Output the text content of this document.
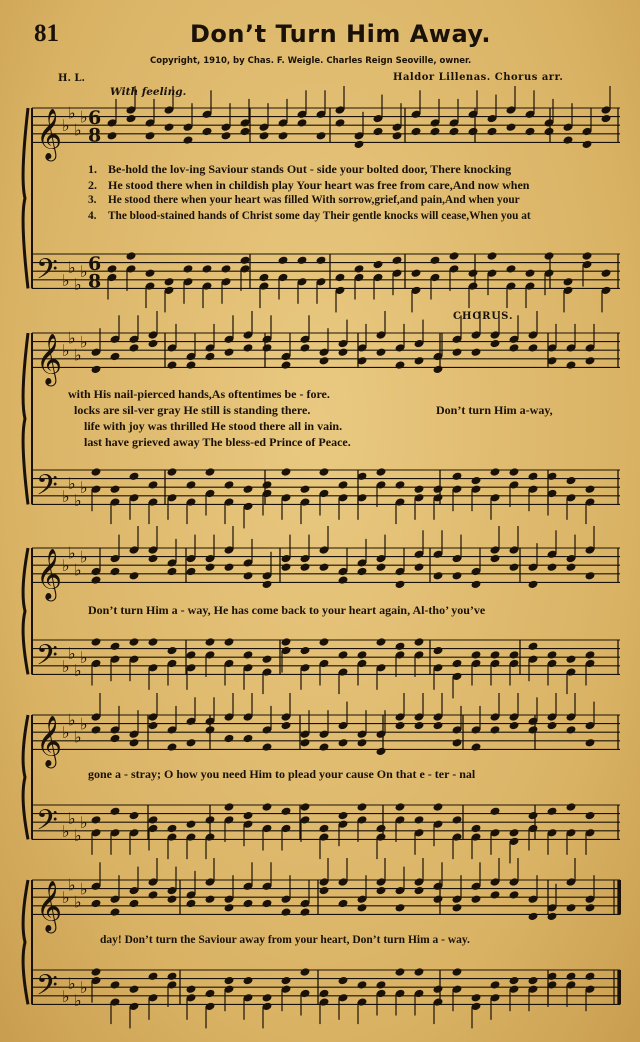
81	Don’t Turn Him Away.
Copyright, 1910, by Chas. F. Weigle. Charles Reign Seoville, owner.
H. L.	Haldor Lillenas. Chorus arr.
With feeling.
CHORUS.
𝄞
𝄢
♭
♭
♭
♭
♭
♭
♭
♭
6
6
8
8
𝄞
𝄢
♭
♭
♭
♭
♭
♭
♭
♭
𝄞
𝄢
♭
♭
♭
♭
♭
♭
♭
♭
𝄞
𝄢
♭
♭
♭
♭
♭
♭
♭
♭
𝄞
𝄢
♭
♭
♭
♭
♭
♭
♭
♭
1. Be-hold the lov-ing Saviour stands Out - side your bolted door, There knocking
2. He stood there when in childish play Your heart was free from care,And now when
3. He stood there when your heart was filled With sorrow,grief,and pain,And when your
4. The blood-stained hands of Christ some day Their gentle knocks will cease,When you at
with His nail-pierced hands,As oftentimes be - fore.
locks are sil-ver gray He still is standing there.
life with joy was thrilled He stood there all in vain.
last have grieved away The bless-ed Prince of Peace.
Don’t turn Him a-way,
Don’t turn Him a - way, He has come back to your heart again, Al-tho’ you’ve
gone a - stray; O how you need Him to plead your cause On that e - ter - nal
day! Don’t turn the Saviour away from your heart, Don’t turn Him a - way.
